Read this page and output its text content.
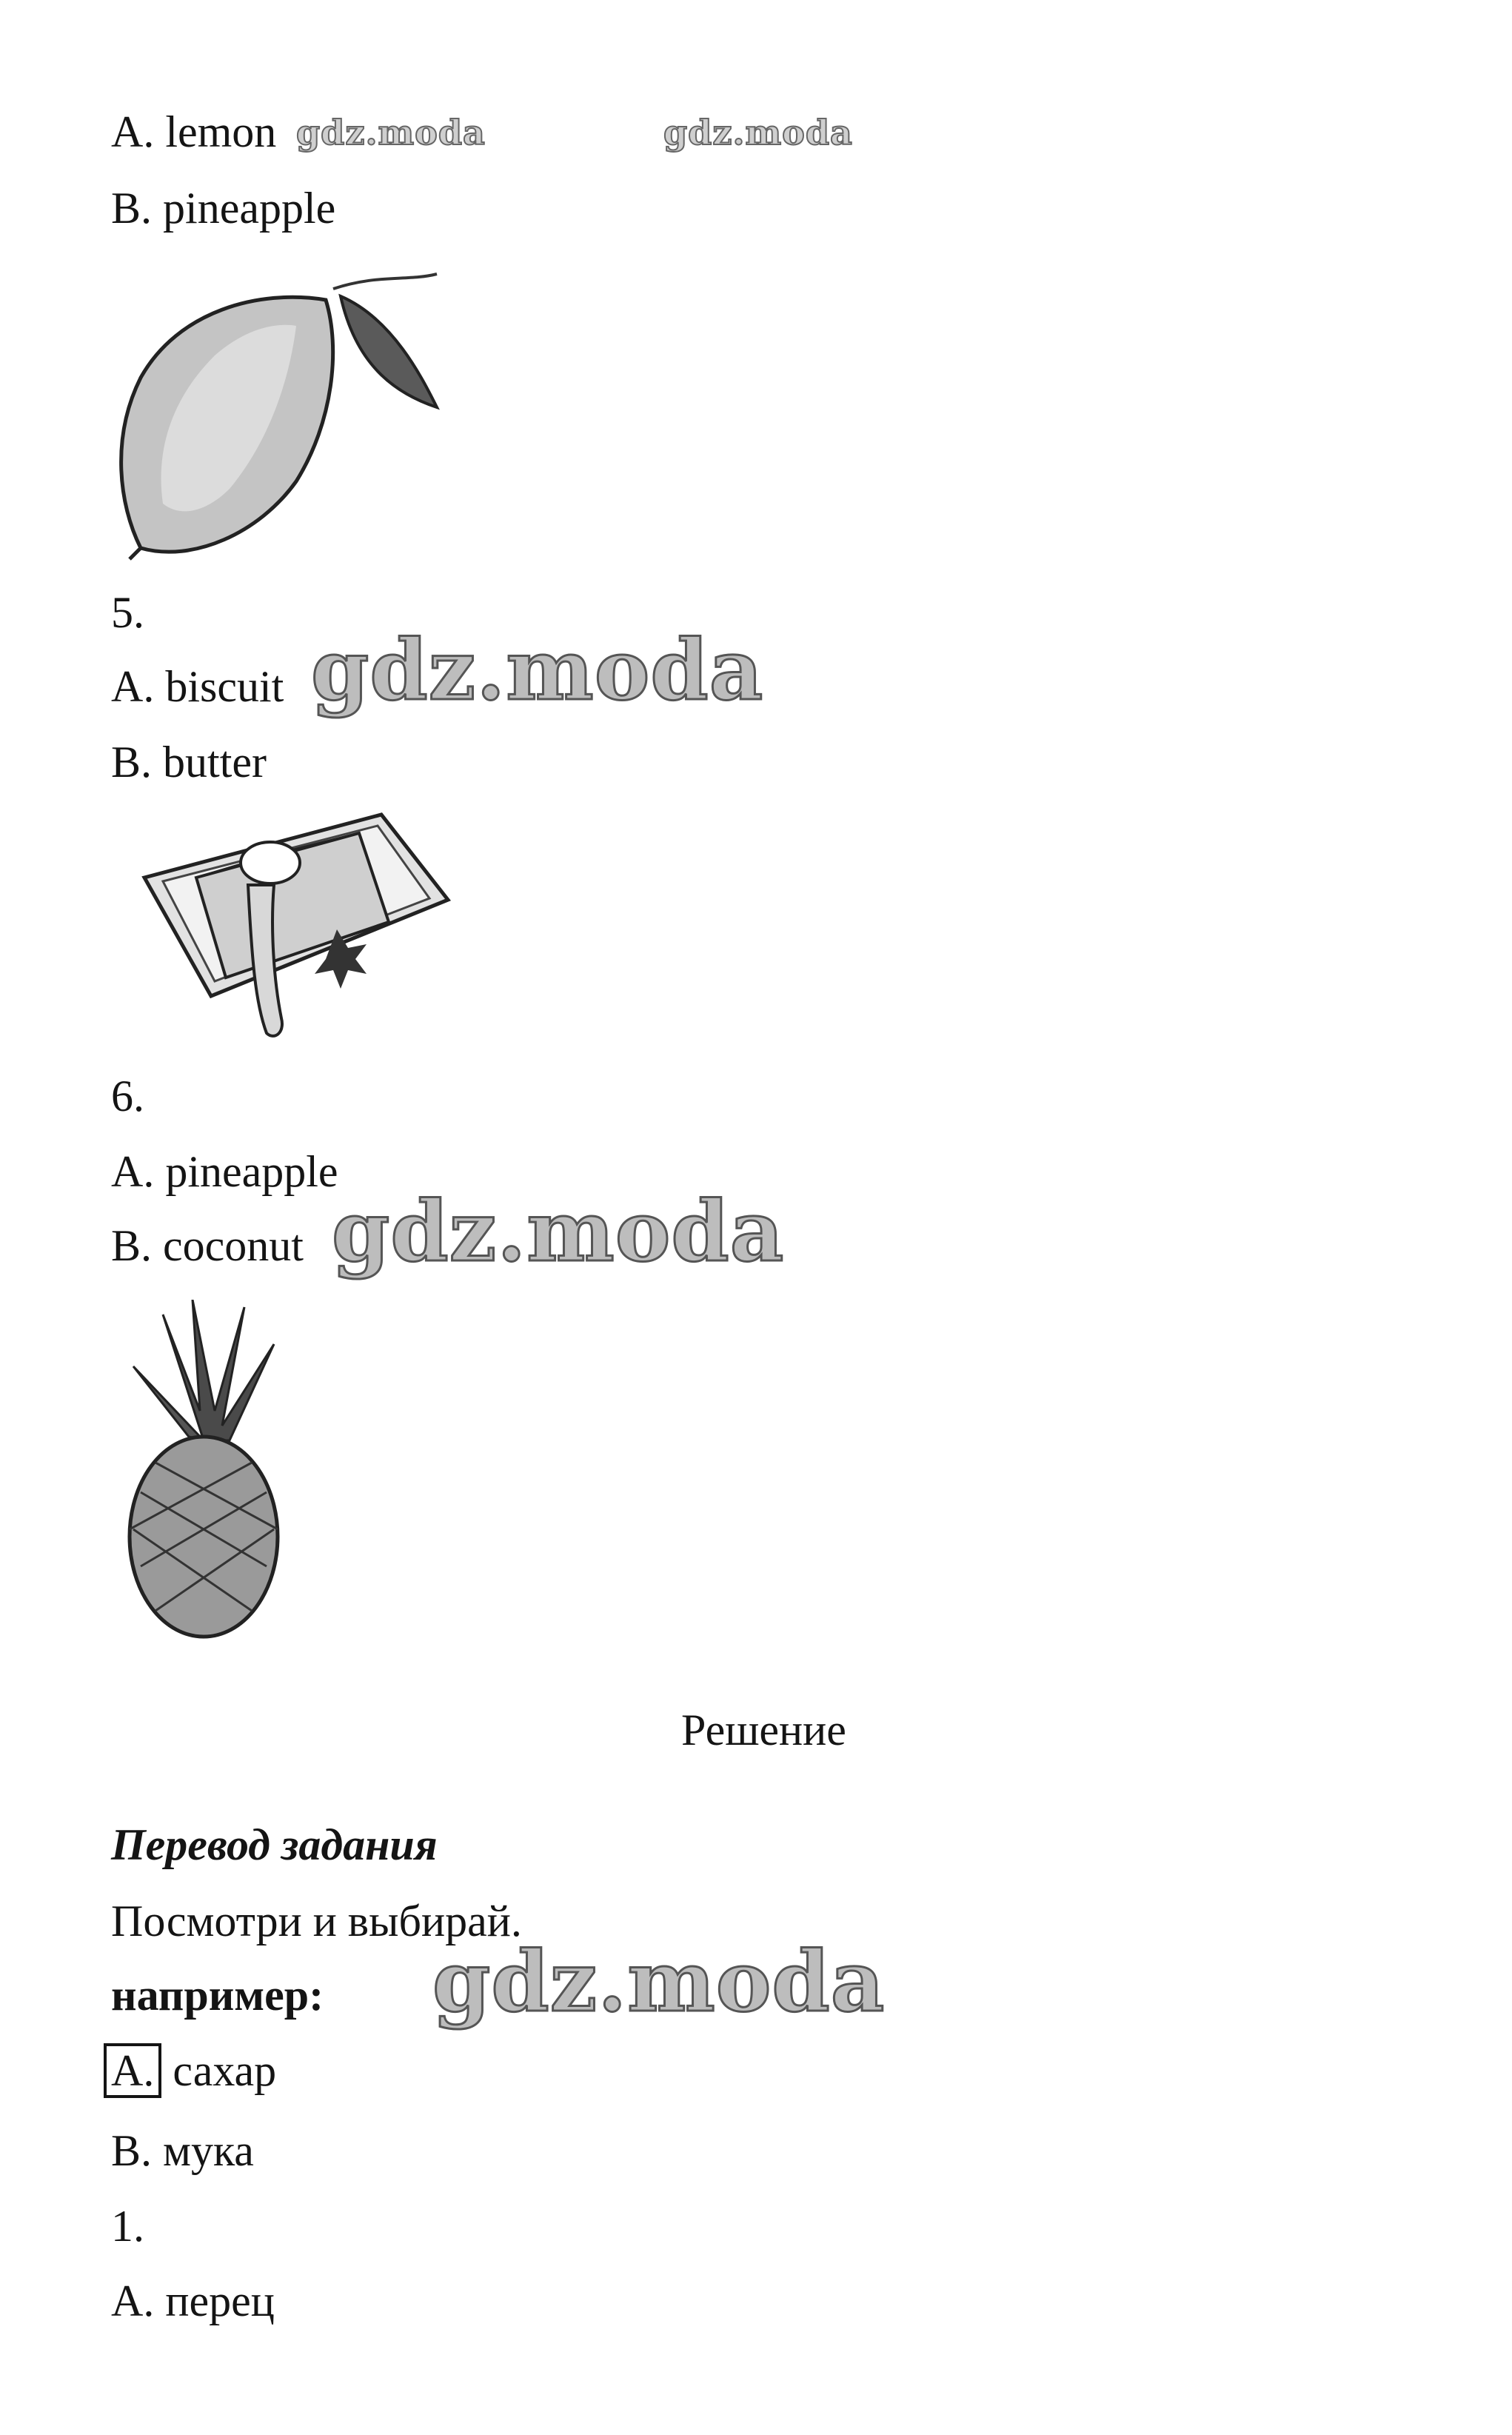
A. lemon gdz.moda	gdz.moda
B. pineapple
5.
A. biscuit gdz.moda
B. butter
6.
A. pineapple
B. coconut gdz.moda
Решение
Перевод задания
Посмотри и выбирай.
например: gdz.moda
A. сахар
B. мука
1.
A. перец
